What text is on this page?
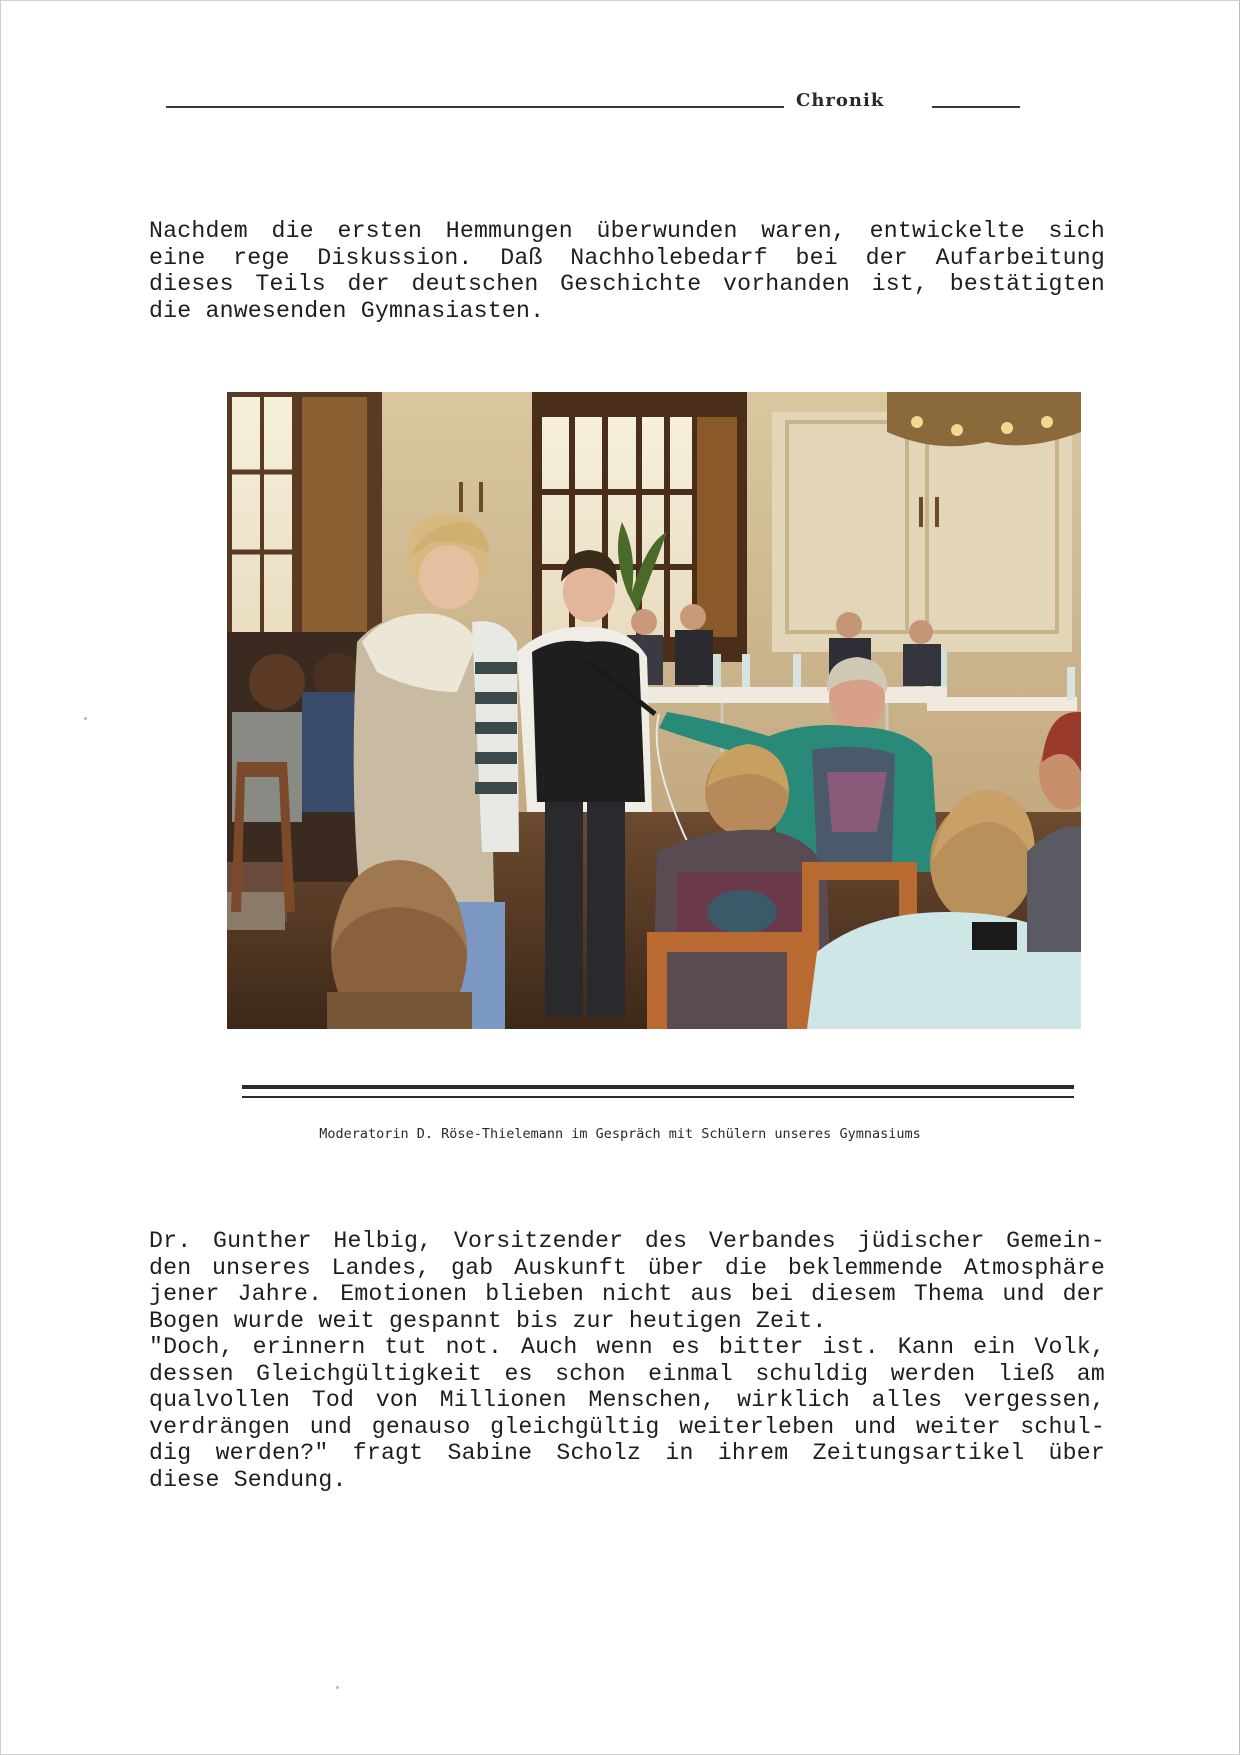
Chronik

Nachdem die ersten Hemmungen überwunden waren, entwickelte sich
eine rege Diskussion. Daß Nachholebedarf bei der Aufarbeitung
dieses Teils der deutschen Geschichte vorhanden ist, bestätigten
die anwesenden Gymnasiasten.

Moderatorin D. Röse-Thielemann im Gespräch mit Schülern unseres Gymnasiums

Dr. Gunther Helbig, Vorsitzender des Verbandes jüdischer Gemein-
den unseres Landes, gab Auskunft über die beklemmende Atmosphäre
jener Jahre. Emotionen blieben nicht aus bei diesem Thema und der
Bogen wurde weit gespannt bis zur heutigen Zeit.
"Doch, erinnern tut not. Auch wenn es bitter ist. Kann ein Volk,
dessen Gleichgültigkeit es schon einmal schuldig werden ließ am
qualvollen Tod von Millionen Menschen, wirklich alles vergessen,
verdrängen und genauso gleichgültig weiterleben und weiter schul-
dig werden?" fragt Sabine Scholz in ihrem Zeitungsartikel über
diese Sendung.
